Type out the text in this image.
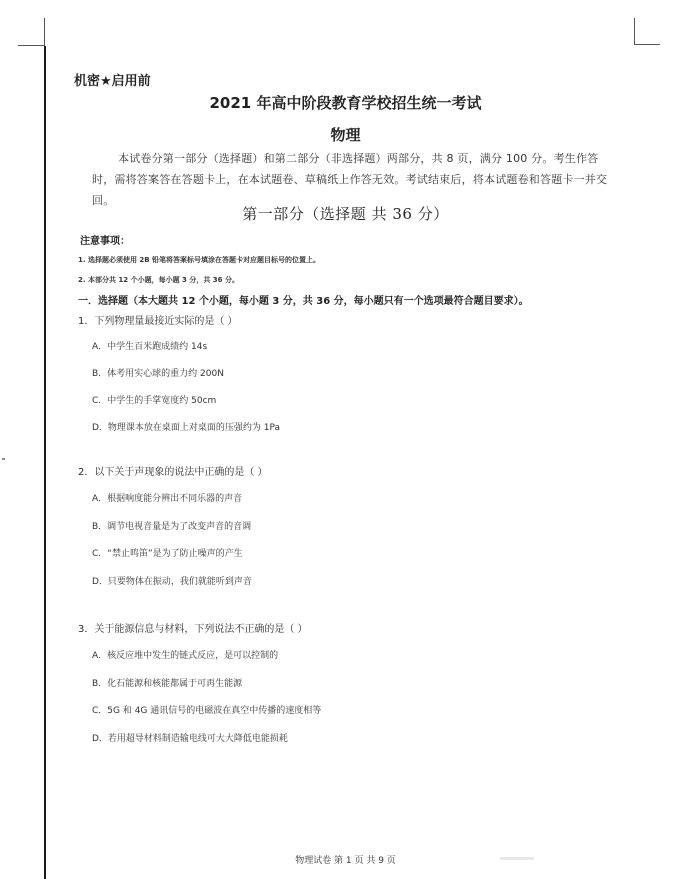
机密★启用前
2021 年高中阶段教育学校招生统一考试
物理
本试卷分第一部分（选择题）和第二部分（非选择题）两部分，共 8 页，满分 100 分。考生作答时，需将答案答在答题卡上，在本试题卷、草稿纸上作答无效。考试结束后，将本试题卷和答题卡一并交回。
第一部分（选择题 共 36 分）
注意事项：
1. 选择题必须使用 2B 铅笔将答案标号填涂在答题卡对应题目标号的位置上。
2. 本部分共 12 个小题，每小题 3 分，共 36 分。
一．选择题（本大题共 12 个小题，每小题 3 分，共 36 分，每小题只有一个选项最符合题目要求）。
1．下列物理量最接近实际的是（ ）
A．中学生百米跑成绩约 14s
B．体考用实心球的重力约 200N
C．中学生的手掌宽度约 50cm
D．物理课本放在桌面上对桌面的压强约为 1Pa
2．以下关于声现象的说法中正确的是（ ）
A．根据响度能分辨出不同乐器的声音
B．调节电视音量是为了改变声音的音调
C．“禁止鸣笛”是为了防止噪声的产生
D．只要物体在振动，我们就能听到声音
3．关于能源信息与材料，下列说法不正确的是（ ）
A．核反应堆中发生的链式反应，是可以控制的
B．化石能源和核能都属于可再生能源
C．5G 和 4G 通讯信号的电磁波在真空中传播的速度相等
D．若用超导材料制造输电线可大大降低电能损耗
物理试卷 第 1 页 共 9 页
